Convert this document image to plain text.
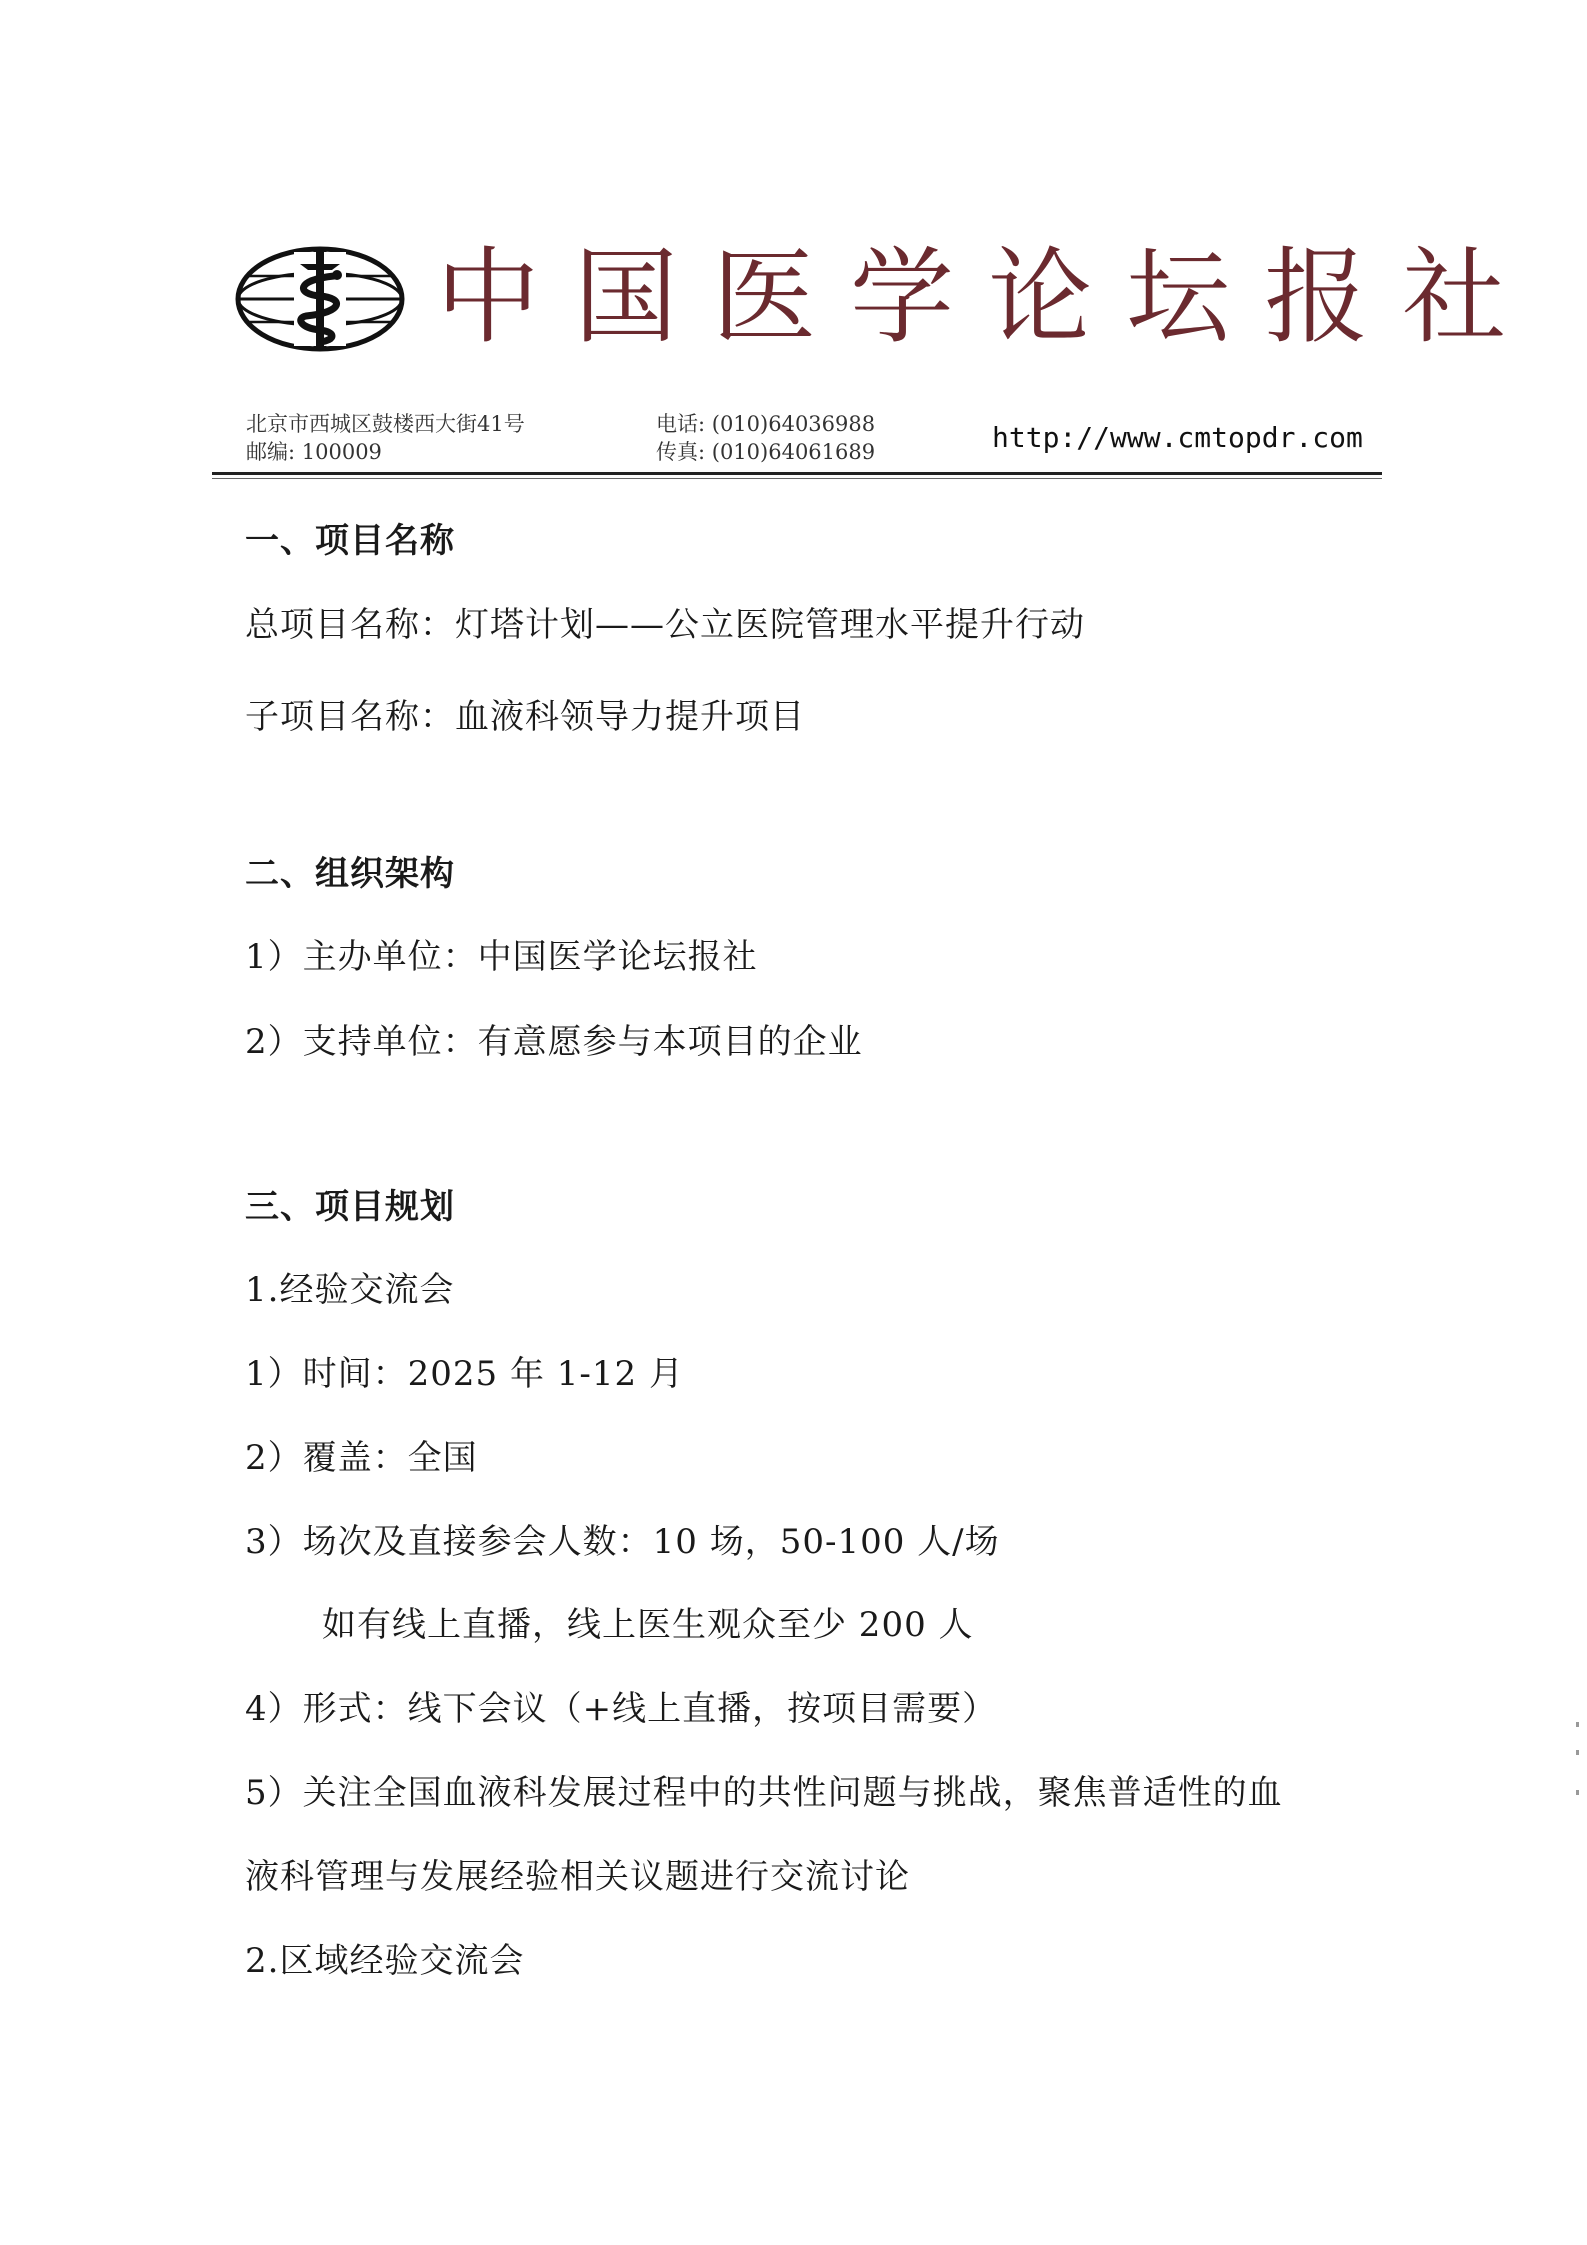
中 国 医 学 论 坛 报 社
北京市西城区鼓楼西大街41号
邮编: 100009
电话: (010)64036988
传真: (010)64061689	http://www.cmtopdr.com
一、项目名称
总项目名称：灯塔计划——公立医院管理水平提升行动
子项目名称：血液科领导力提升项目
二、组织架构
1）主办单位：中国医学论坛报社
2）支持单位：有意愿参与本项目的企业
三、项目规划
1.经验交流会
1）时间：2025 年 1-12 月
2）覆盖：全国
3）场次及直接参会人数：10 场，50-100 人/场
如有线上直播，线上医生观众至少 200 人
4）形式：线下会议（+线上直播，按项目需要）
5）关注全国血液科发展过程中的共性问题与挑战，聚焦普适性的血
液科管理与发展经验相关议题进行交流讨论
2.区域经验交流会
